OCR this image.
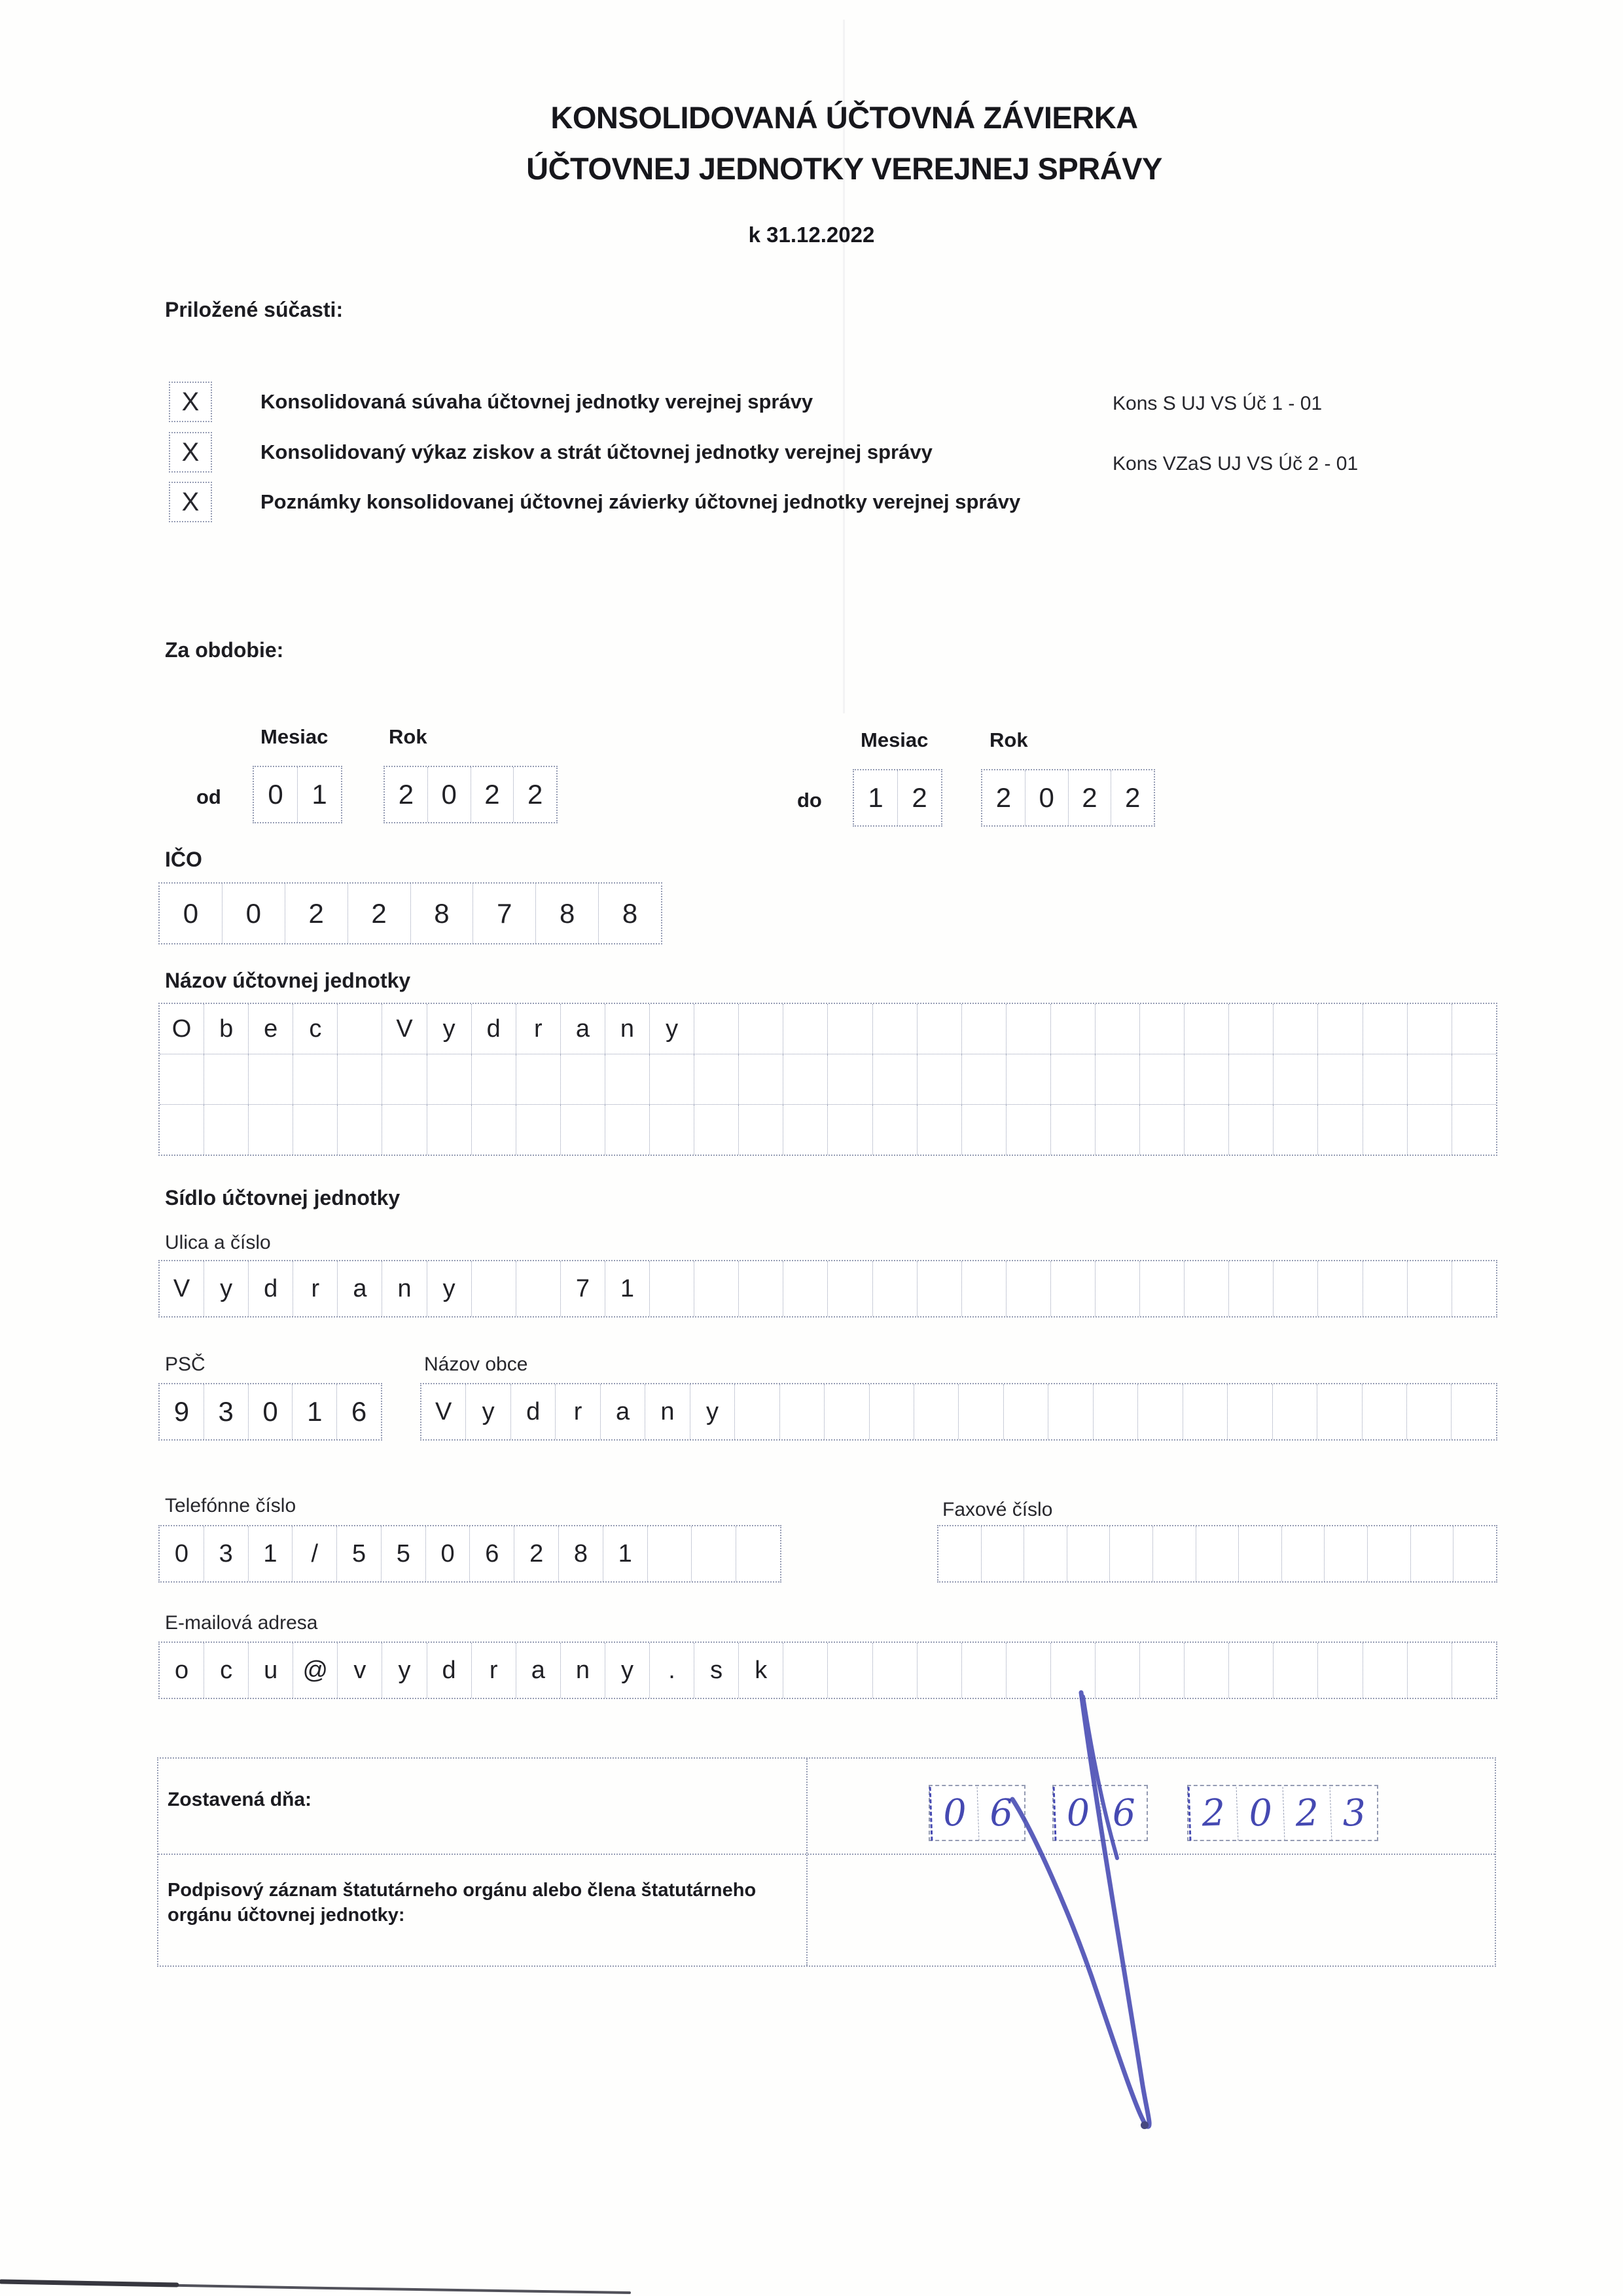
KONSOLIDOVANÁ ÚČTOVNÁ ZÁVIERKA
ÚČTOVNEJ JEDNOTKY VEREJNEJ SPRÁVY
k 31.12.2022
Priložené súčasti:
X	Konsolidovaná súvaha účtovnej jednotky verejnej správy
X	Konsolidovaný výkaz ziskov a strát účtovnej jednotky verejnej správy
X	Poznámky konsolidovanej účtovnej závierky účtovnej jednotky verejnej správy
Kons S UJ VS Úč 1 - 01
Kons VZaS UJ VS Úč 2 - 01
Za obdobie:
Mesiac	Rok
od	0	1	2	0	2	2
Mesiac	Rok
do	1	2	2	0	2	2
IČO
0	0	2	2	8	7	8	8
Názov účtovnej jednotky
O	b	e	c	V	y	d	r	a	n	y
Sídlo účtovnej jednotky
Ulica a číslo
V	y	d	r	a	n	y	7	1
PSČ	Názov obce
9	3	0	1	6	V	y	d	r	a	n	y
Telefónne číslo	Faxové číslo
0	3	1	/	5	5	0	6	2	8	1
E-mailová adresa
o	c	u	@	v	y	d	r	a	n	y	.	s	k
Zostavená dňa:
Podpisový záznam štatutárneho orgánu alebo člena štatutárneho orgánu účtovnej jednotky:
0 6	0 6	2 0 2 3
